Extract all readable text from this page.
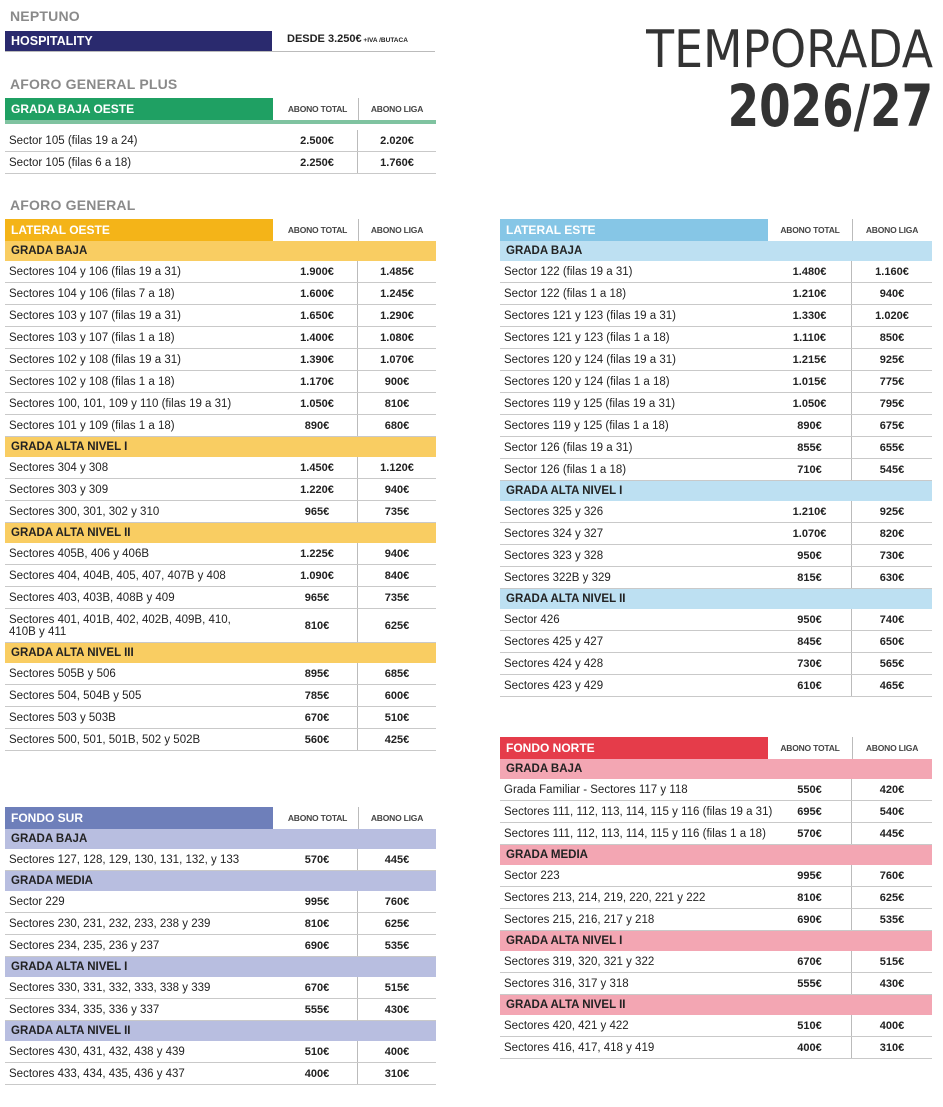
NEPTUNO
HOSPITALITY	DESDE 3.250€ +IVA /BUTACA	TEMPORADA
2026/27
AFORO GENERAL PLUS
GRADA BAJA OESTE	ABONO TOTAL	ABONO LIGA
Sector 105 (filas 19 a 24)	2.500€	2.020€
Sector 105 (filas 6 a 18)	2.250€	1.760€
AFORO GENERAL
LATERAL OESTE	ABONO TOTAL	ABONO LIGA
GRADA BAJA
Sectores 104 y 106 (filas 19 a 31)	1.900€	1.485€
Sectores 104 y 106 (filas 7 a 18)	1.600€	1.245€
Sectores 103 y 107 (filas 19 a 31)	1.650€	1.290€
Sectores 103 y 107 (filas 1 a 18)	1.400€	1.080€
Sectores 102 y 108 (filas 19 a 31)	1.390€	1.070€
Sectores 102 y 108 (filas 1 a 18)	1.170€	900€
Sectores 100, 101, 109 y 110 (filas 19 a 31)	1.050€	810€
Sectores 101 y 109 (filas 1 a 18)	890€	680€
GRADA ALTA NIVEL I
Sectores 304 y 308	1.450€	1.120€
Sectores 303 y 309	1.220€	940€
Sectores 300, 301, 302 y 310	965€	735€
GRADA ALTA NIVEL II
Sectores 405B, 406 y 406B	1.225€	940€
Sectores 404, 404B, 405, 407, 407B y 408	1.090€	840€
Sectores 403, 403B, 408B y 409	965€	735€
Sectores 401, 401B, 402, 402B, 409B, 410, 410B y 411	810€	625€
GRADA ALTA NIVEL III
Sectores 505B y 506	895€	685€
Sectores 504, 504B y 505	785€	600€
Sectores 503 y 503B	670€	510€
Sectores 500, 501, 501B, 502 y 502B	560€	425€
FONDO SUR	ABONO TOTAL	ABONO LIGA
GRADA BAJA
Sectores 127, 128, 129, 130, 131, 132, y 133	570€	445€
GRADA MEDIA
Sector 229	995€	760€
Sectores 230, 231, 232, 233, 238 y 239	810€	625€
Sectores 234, 235, 236 y 237	690€	535€
GRADA ALTA NIVEL I
Sectores 330, 331, 332, 333, 338 y 339	670€	515€
Sectores 334, 335, 336 y 337	555€	430€
GRADA ALTA NIVEL II
Sectores 430, 431, 432, 438 y 439	510€	400€
Sectores 433, 434, 435, 436 y 437	400€	310€
LATERAL ESTE	ABONO TOTAL	ABONO LIGA
GRADA BAJA
Sector 122 (filas 19 a 31)	1.480€	1.160€
Sector 122 (filas 1 a 18)	1.210€	940€
Sectores 121 y 123 (filas 19 a 31)	1.330€	1.020€
Sectores 121 y 123 (filas 1 a 18)	1.110€	850€
Sectores 120 y 124 (filas 19 a 31)	1.215€	925€
Sectores 120 y 124 (filas 1 a 18)	1.015€	775€
Sectores 119 y 125 (filas 19 a 31)	1.050€	795€
Sectores 119 y 125 (filas 1 a 18)	890€	675€
Sector 126 (filas 19 a 31)	855€	655€
Sector 126 (filas 1 a 18)	710€	545€
GRADA ALTA NIVEL I
Sectores 325 y 326	1.210€	925€
Sectores 324 y 327	1.070€	820€
Sectores 323 y 328	950€	730€
Sectores 322B y 329	815€	630€
GRADA ALTA NIVEL II
Sector 426	950€	740€
Sectores 425 y 427	845€	650€
Sectores 424 y 428	730€	565€
Sectores 423 y 429	610€	465€
FONDO NORTE	ABONO TOTAL	ABONO LIGA
GRADA BAJA
Grada Familiar - Sectores 117 y 118	550€	420€
Sectores 111, 112, 113, 114, 115 y 116 (filas 19 a 31)	695€	540€
Sectores 111, 112, 113, 114, 115 y 116 (filas 1 a 18)	570€	445€
GRADA MEDIA
Sector 223	995€	760€
Sectores 213, 214, 219, 220, 221 y 222	810€	625€
Sectores 215, 216, 217 y 218	690€	535€
GRADA ALTA NIVEL I
Sectores 319, 320, 321 y 322	670€	515€
Sectores 316, 317 y 318	555€	430€
GRADA ALTA NIVEL II
Sectores 420, 421 y 422	510€	400€
Sectores 416, 417, 418 y 419	400€	310€
